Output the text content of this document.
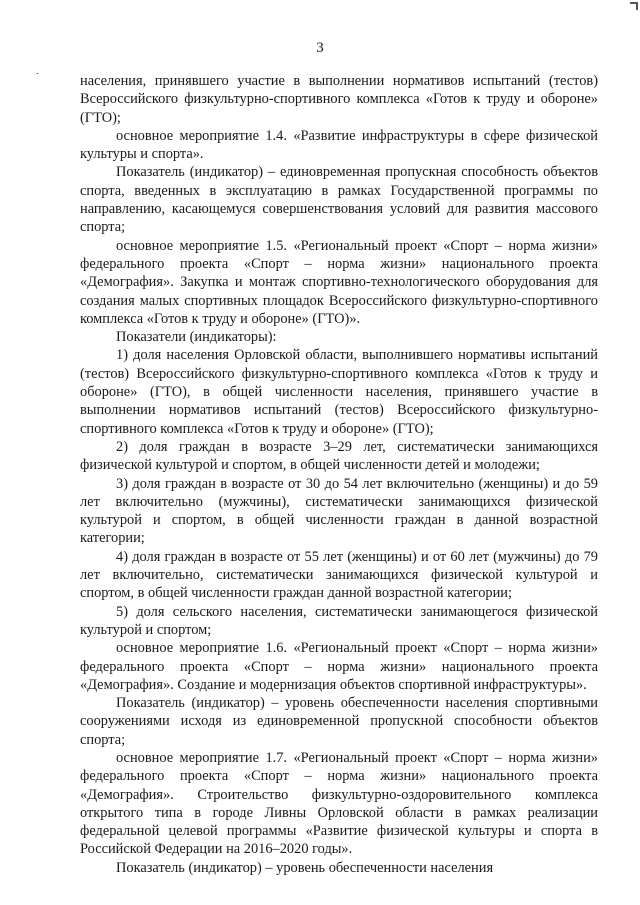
3

населения, принявшего участие в выполнении нормативов испытаний (тестов) Всероссийского физкультурно-спортивного комплекса «Готов к труду и обороне» (ГТО);

основное мероприятие 1.4. «Развитие инфраструктуры в сфере физической культуры и спорта».

Показатель (индикатор) – единовременная пропускная способность объектов спорта, введенных в эксплуатацию в рамках Государственной программы по направлению, касающемуся совершенствования условий для развития массового спорта;

основное мероприятие 1.5. «Региональный проект «Спорт – норма жизни» федерального проекта «Спорт – норма жизни» национального проекта «Демография». Закупка и монтаж спортивно-технологического оборудования для создания малых спортивных площадок Всероссийского физкультурно-спортивного комплекса «Готов к труду и обороне» (ГТО)».

Показатели (индикаторы):

1) доля населения Орловской области, выполнившего нормативы испытаний (тестов) Всероссийского физкультурно-спортивного комплекса «Готов к труду и обороне» (ГТО), в общей численности населения, принявшего участие в выполнении нормативов испытаний (тестов) Всероссийского физкультурно-спортивного комплекса «Готов к труду и обороне» (ГТО);

2) доля граждан в возрасте 3–29 лет, систематически занимающихся физической культурой и спортом, в общей численности детей и молодежи;

3) доля граждан в возрасте от 30 до 54 лет включительно (женщины) и до 59 лет включительно (мужчины), систематически занимающихся физической культурой и спортом, в общей численности граждан в данной возрастной категории;

4) доля граждан в возрасте от 55 лет (женщины) и от 60 лет (мужчины) до 79 лет включительно, систематически занимающихся физической культурой и спортом, в общей численности граждан данной возрастной категории;

5) доля сельского населения, систематически занимающегося физической культурой и спортом;

основное мероприятие 1.6. «Региональный проект «Спорт – норма жизни» федерального проекта «Спорт – норма жизни» национального проекта «Демография». Создание и модернизация объектов спортивной инфраструктуры».

Показатель (индикатор) – уровень обеспеченности населения спортивными сооружениями исходя из единовременной пропускной способности объектов спорта;

основное мероприятие 1.7. «Региональный проект «Спорт – норма жизни» федерального проекта «Спорт – норма жизни» национального проекта «Демография». Строительство физкультурно-оздоровительного комплекса открытого типа в городе Ливны Орловской области в рамках реализации федеральной целевой программы «Развитие физической культуры и спорта в Российской Федерации на 2016–2020 годы».

Показатель (индикатор) – уровень обеспеченности населения
